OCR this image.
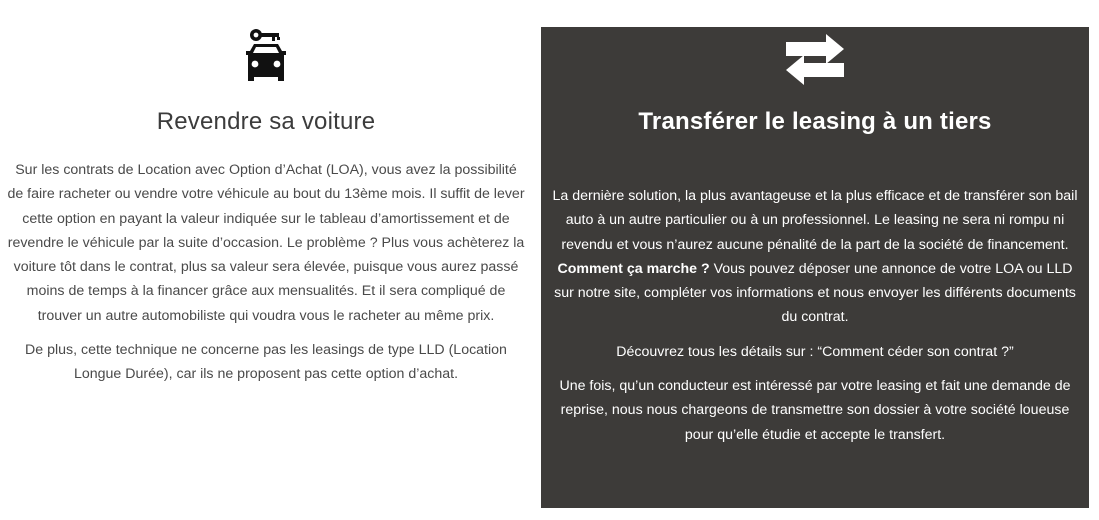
Revendre sa voiture

Sur les contrats de Location avec Option d’Achat (LOA), vous avez la possibilité de faire racheter ou vendre votre véhicule au bout du 13ème mois. Il suffit de lever cette option en payant la valeur indiquée sur le tableau d’amortissement et de revendre le véhicule par la suite d’occasion. Le problème ? Plus vous achèterez la voiture tôt dans le contrat, plus sa valeur sera élevée, puisque vous aurez passé moins de temps à la financer grâce aux mensualités. Et il sera compliqué de trouver un autre automobiliste qui voudra vous le racheter au même prix.

De plus, cette technique ne concerne pas les leasings de type LLD (Location Longue Durée), car ils ne proposent pas cette option d’achat.

Transférer le leasing à un tiers

La dernière solution, la plus avantageuse et la plus efficace et de transférer son bail auto à un autre particulier ou à un professionnel. Le leasing ne sera ni rompu ni revendu et vous n’aurez aucune pénalité de la part de la société de financement.
Comment ça marche ? Vous pouvez déposer une annonce de votre LOA ou LLD sur notre site, compléter vos informations et nous envoyer les différents documents du contrat.

Découvrez tous les détails sur : “Comment céder son contrat ?”

Une fois, qu’un conducteur est intéressé par votre leasing et fait une demande de reprise, nous nous chargeons de transmettre son dossier à votre société loueuse pour qu’elle étudie et accepte le transfert.
